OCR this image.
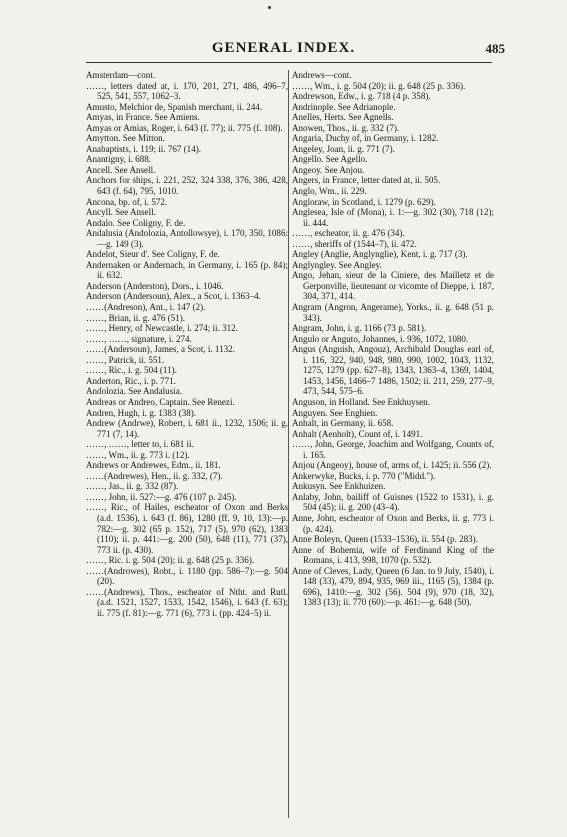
GENERAL INDEX.	485
Amsterdam—cont.
……, letters dated at, i. 170, 201, 271, 486, 496–7, 525, 541, 557, 1062–3.
Amusto, Melchior de, Spanish merchant, ii. 244.
Amyas, in France. See Amiens.
Amyas or Amias, Roger, i. 643 (f. 77); ii. 775 (f. 108).
Amytton. See Mitton.
Anabaptists, i. 119; ii. 767 (14).
Anantigny, i. 688.
Ancell. See Ansell.
Anchors for ships, i. 221, 252, 324 338, 376, 386, 428, 643 (f. 64), 795, 1010.
Ancona, bp. of, i. 572.
Ancyll. See Ansell.
Andalo. See Coligny, F. de.
Andalusia (Andolozia, Antollowsye), i. 170, 350, 1086:—g. 149 (3).
Andelot, Sieur d'. See Coligny, F. de.
Andernaken or Andernach, in Germany, i. 165 (p. 84); ii. 632.
Anderson (Anderston), Dors., i. 1046.
Anderson (Andersoun), Alex., a Scot, i. 1363–4.
……(Andreson), Ant., i. 147 (2).
……, Brian, ii. g. 476 (51).
……, Henry, of Newcastle, i. 274; ii. 312.
……, ……, signature, i. 274.
……(Andersoun), James, a Scot, i. 1132.
……, Patrick, ii. 551.
……, Ric., i. g. 504 (11).
Anderton, Ric., i. p. 771.
Andolozia. See Andalusia.
Andreas or Andreo, Captain. See Renezi.
Andren, Hugh, i. g. 1383 (38).
Andrew (Andrwe), Robert, i. 681 ii., 1232, 1506; ii. g. 771 (7, 14).
……, ……, letter to, i. 681 ii.
……, Wm., ii. g. 773 i. (12).
Andrews or Andrewes, Edm., ii. 181.
……(Andrewes), Hen., ii. g. 332, (7).
……, Jas., ii. g. 332 (87).
……, John, ii. 527:—g. 476 (107 p. 245).
……, Ric., of Hailes, escheator of Oxon and Berks (a.d. 1536), i. 643 (f. 86), 1280 (ff. 9, 10, 13):—p. 782:—g. 302 (65 p. 152), 717 (5), 970 (62), 1383 (110); ii. p. 441:—g. 200 (50), 648 (11), 771 (37), 773 ii. (p. 430).
……, Ric. i. g. 504 (20); ii. g. 648 (25 p. 336).
……(Androwes), Robt., i. 1180 (pp. 586–7):—g. 504 (20).
……(Andrews), Thos., escheator of Ntht. and Rutl. (a.d. 1521, 1527, 1533, 1542, 1546), i. 643 (f. 63); ii. 775 (f. 81):—g. 771 (6), 773 i. (pp. 424–5) ii.
Andrews—cont.
……, Wm., i. g. 504 (20); ii. g. 648 (25 p. 336).
Andrewson, Edw., i. g. 718 (4 p. 358).
Andrinople. See Adrianople.
Anelles, Herts. See Agnells.
Anowen, Thos., ii. g. 332 (7).
Angaria, Duchy of, in Germany, i. 1282.
Angeley, Joan, ii. g. 771 (7).
Angello. See Agello.
Angeoy. See Anjou.
Angers, in France, letter dated at, ii. 505.
Anglo, Wm., ii. 229.
Angloraw, in Scotland, i. 1279 (p. 629).
Anglesea, Isle of (Mona), i. 1:—g. 302 (30), 718 (12); ii. 444.
……, escheator, ii. g. 476 (34).
……, sheriffs of (1544–7), ii. 472.
Angley (Anglie, Anglynglie), Kent, i. g. 717 (3).
Anglyngley. See Angley.
Ango, Jehan, sieur de la Ciniere, des Mailletz et de Gerponville, lieutenant or vicomte of Dieppe, i. 187, 304, 371, 414.
Angram (Angron, Angerame), Yorks., ii. g. 648 (51 p. 343).
Angram, John, i. g. 1166 (73 p. 581).
Angulo or Anguto, Johannes, i. 936, 1072, 1080.
Angus (Anguish, Angouz), Archibald Douglas earl of, i. 116, 322, 940, 948, 980, 990, 1002, 1043, 1132, 1275, 1279 (pp. 627–8), 1343, 1363–4, 1369, 1404, 1453, 1456, 1466–7 1486, 1502; ii. 211, 259, 277–9, 473, 544, 575–6.
Anguson, in Holland. See Enkhuysen.
Anguyen. See Enghien.
Anhalt, in Germany, ii. 658.
Anhalt (Aenholt), Count of, i. 1491.
……, John, George, Joachim and Wolfgang, Counts of, i. 165.
Anjou (Angeoy), house of, arms of, i. 1425; ii. 556 (2).
Ankerwyke, Bucks, i. p. 770 ("Midd.").
Ankusyn. See Enkhuizen.
Anlaby, John, bailiff of Guisnes (1522 to 1531), i. g. 504 (45); ii. g. 200 (43–4).
Anne, John, escheator of Oxon and Berks, ii. g. 773 i. (p. 424).
Anne Boleyn, Queen (1533–1536), ii. 554 (p. 283).
Anne of Bohemia, wife of Ferdinand King of the Romans, i. 413, 998, 1070 (p. 532).
Anne of Cleves, Lady, Queen (6 Jan. to 9 July, 1540), i. 148 (33), 479, 894, 935, 969 iii., 1165 (5), 1384 (p. 696), 1410:—g. 302 (56). 504 (9), 970 (18, 32), 1383 (13); ii. 770 (60):—p. 461:—g. 648 (50).
